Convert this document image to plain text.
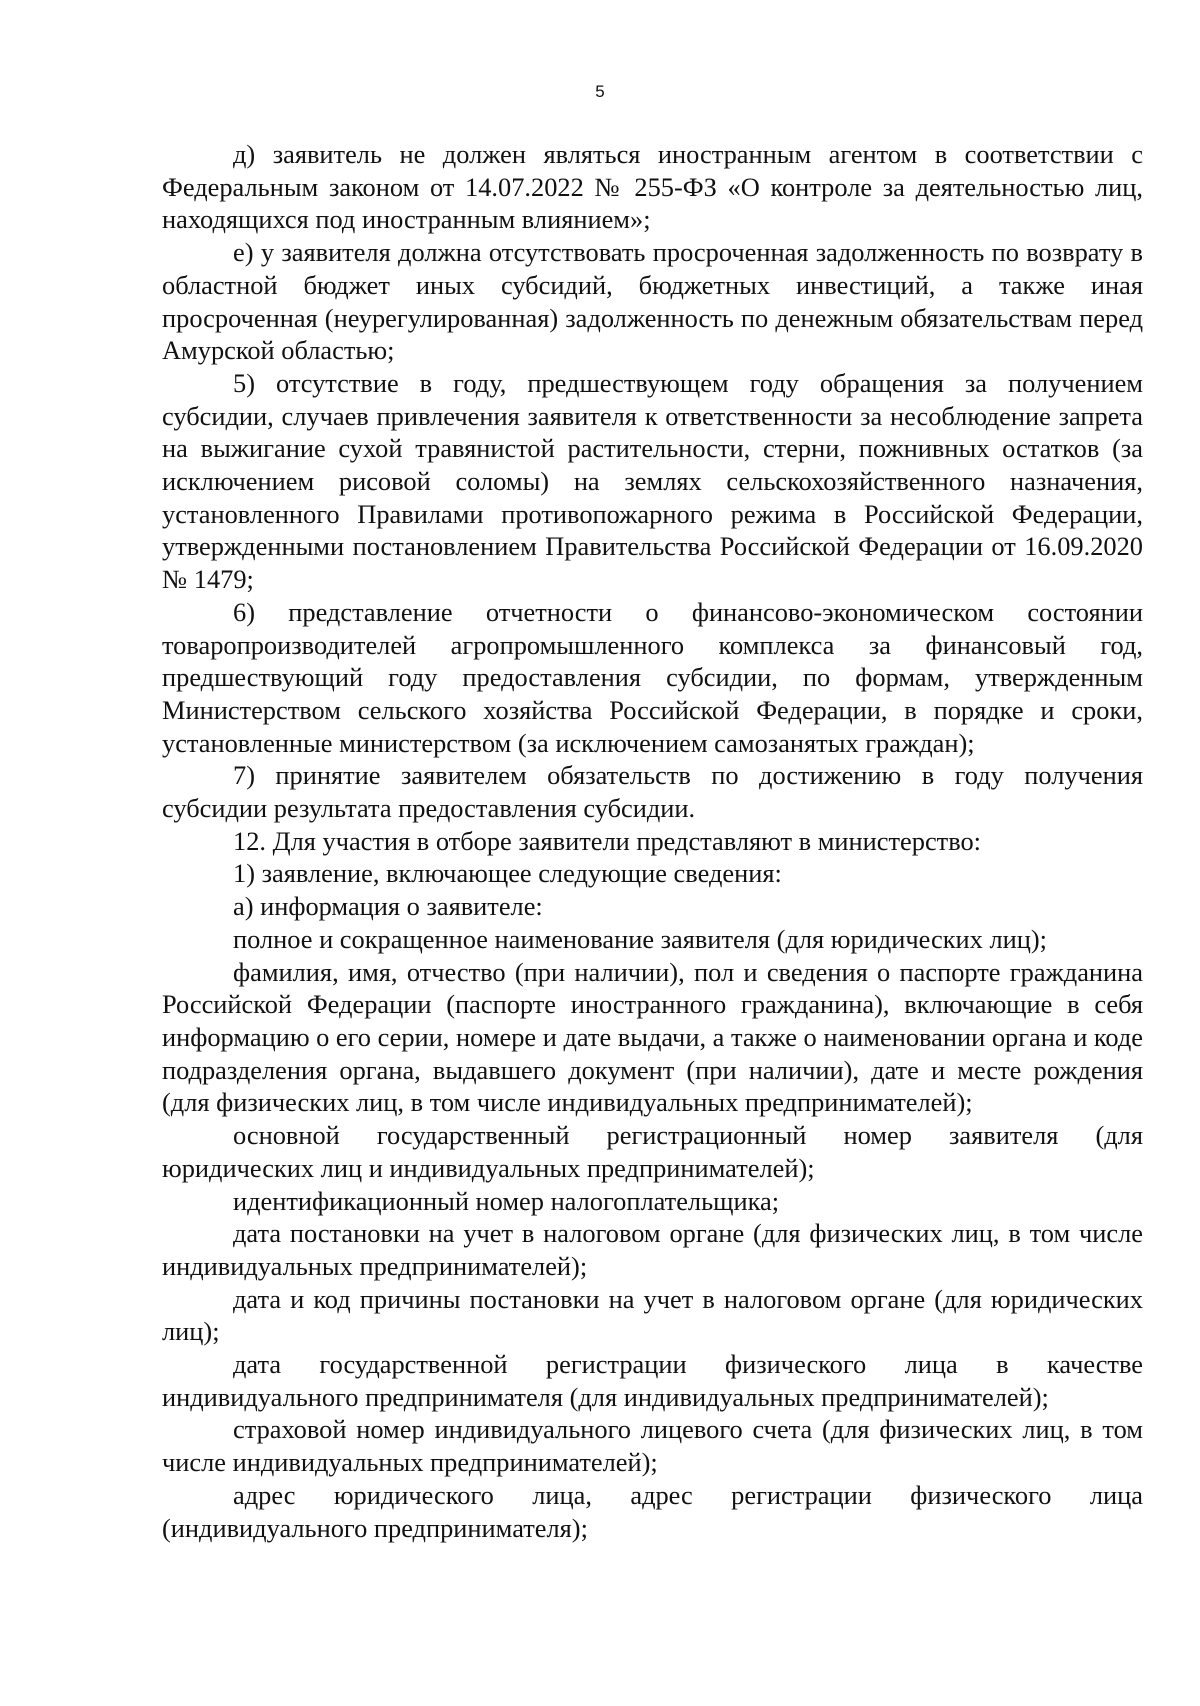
5

д) заявитель не должен являться иностранным агентом в соответствии с Федеральным законом от 14.07.2022 № 255-ФЗ «О контроле за деятельностью лиц, находящихся под иностранным влиянием»;

е) у заявителя должна отсутствовать просроченная задолженность по возврату в областной бюджет иных субсидий, бюджетных инвестиций, а также иная просроченная (неурегулированная) задолженность по денежным обязательствам перед Амурской областью;

5) отсутствие в году, предшествующем году обращения за получением субсидии, случаев привлечения заявителя к ответственности за несоблюдение запрета на выжигание сухой травянистой растительности, стерни, пожнивных остатков (за исключением рисовой соломы) на землях сельскохозяйственного назначения, установленного Правилами противопожарного режима в Российской Федерации, утвержденными постановлением Правительства Российской Федерации от 16.09.2020 № 1479;

6) представление отчетности о финансово-экономическом состоянии товаропроизводителей агропромышленного комплекса за финансовый год, предшествующий году предоставления субсидии, по формам, утвержденным Министерством сельского хозяйства Российской Федерации, в порядке и сроки, установленные министерством (за исключением самозанятых граждан);

7) принятие заявителем обязательств по достижению в году получения субсидии результата предоставления субсидии.

12. Для участия в отборе заявители представляют в министерство:

1) заявление, включающее следующие сведения:

а) информация о заявителе:

полное и сокращенное наименование заявителя (для юридических лиц);

фамилия, имя, отчество (при наличии), пол и сведения о паспорте гражданина Российской Федерации (паспорте иностранного гражданина), включающие в себя информацию о его серии, номере и дате выдачи, а также о наименовании органа и коде подразделения органа, выдавшего документ (при наличии), дате и месте рождения (для физических лиц, в том числе индивидуальных предпринимателей);

основной государственный регистрационный номер заявителя (для юридических лиц и индивидуальных предпринимателей);

идентификационный номер налогоплательщика;

дата постановки на учет в налоговом органе (для физических лиц, в том числе индивидуальных предпринимателей);

дата и код причины постановки на учет в налоговом органе (для юридических лиц);

дата государственной регистрации физического лица в качестве индивидуального предпринимателя (для индивидуальных предпринимателей);

страховой номер индивидуального лицевого счета (для физических лиц, в том числе индивидуальных предпринимателей);

адрес юридического лица, адрес регистрации физического лица (индивидуального предпринимателя);
